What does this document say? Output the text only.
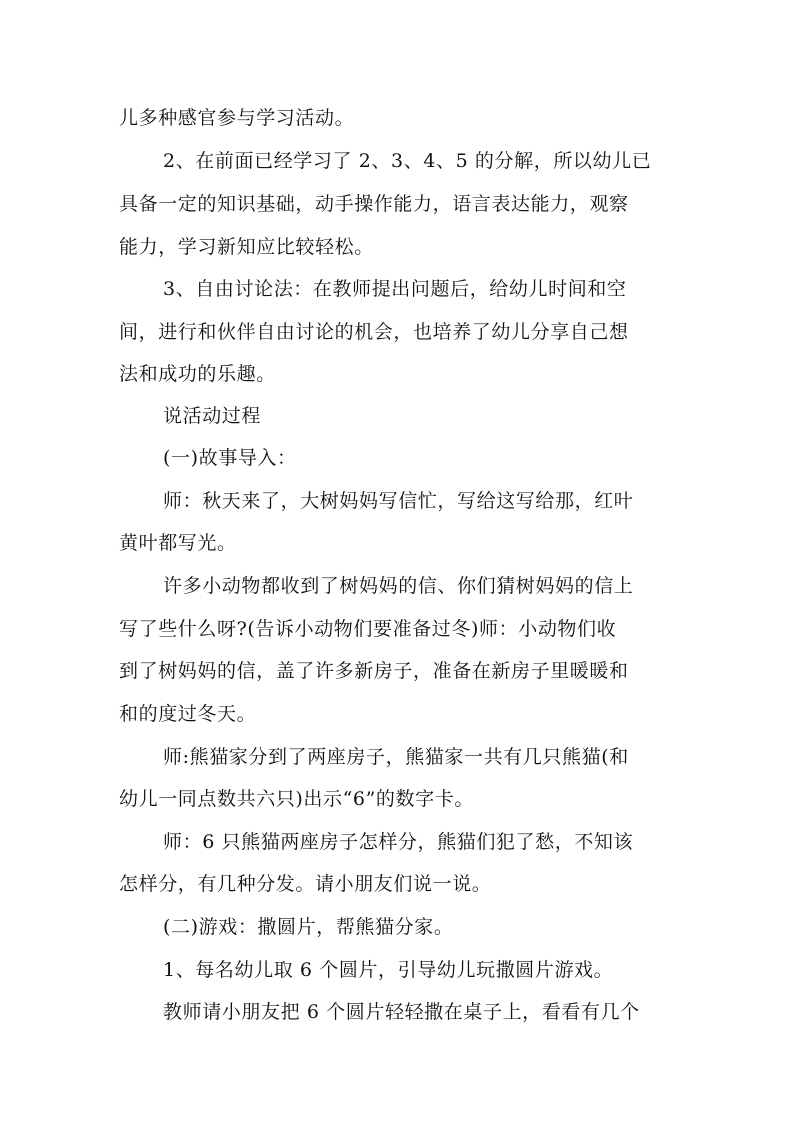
儿多种感官参与学习活动。
2、在前面已经学习了 2、3、4、5 的分解，所以幼儿已
具备一定的知识基础，动手操作能力，语言表达能力，观察
能力，学习新知应比较轻松。
3、自由讨论法：在教师提出问题后，给幼儿时间和空
间，进行和伙伴自由讨论的机会，也培养了幼儿分享自己想
法和成功的乐趣。
说活动过程
(一)故事导入：
师：秋天来了，大树妈妈写信忙，写给这写给那，红叶
黄叶都写光。
许多小动物都收到了树妈妈的信、你们猜树妈妈的信上
写了些什么呀?(告诉小动物们要准备过冬)师：小动物们收
到了树妈妈的信，盖了许多新房子，准备在新房子里暖暖和
和的度过冬天。
师:熊猫家分到了两座房子，熊猫家一共有几只熊猫(和
幼儿一同点数共六只)出示“6”的数字卡。
师：6 只熊猫两座房子怎样分，熊猫们犯了愁，不知该
怎样分，有几种分发。请小朋友们说一说。
(二)游戏：撒圆片，帮熊猫分家。
1、每名幼儿取 6 个圆片，引导幼儿玩撒圆片游戏。
教师请小朋友把 6 个圆片轻轻撒在桌子上，看看有几个
